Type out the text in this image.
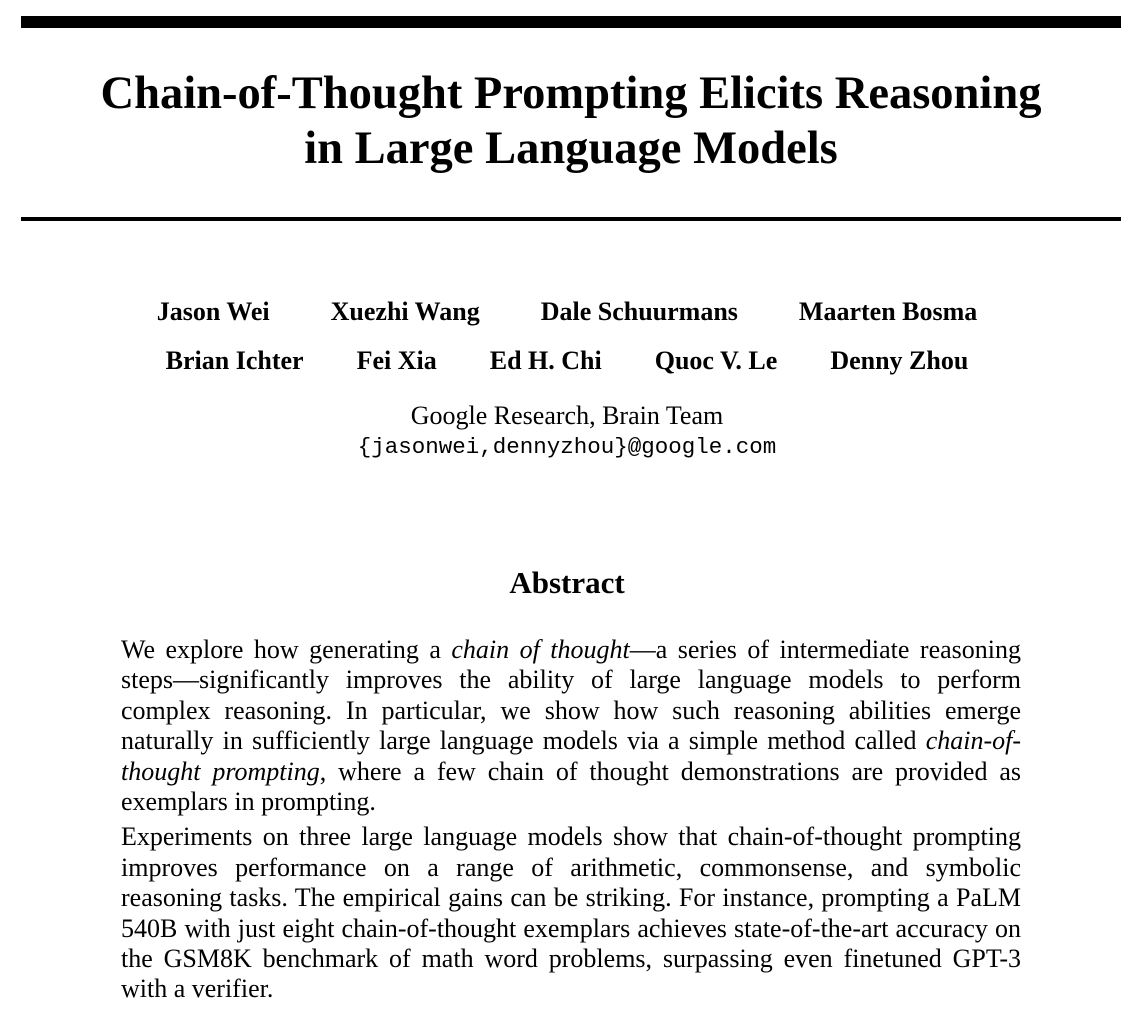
Chain-of-Thought Prompting Elicits Reasoning
in Large Language Models
Jason Wei Xuezhi Wang Dale Schuurmans Maarten Bosma
Brian Ichter Fei Xia Ed H. Chi Quoc V. Le Denny Zhou
Google Research, Brain Team
{jasonwei,dennyzhou}@google.com
Abstract

We explore how generating a chain of thought—a series of intermediate reasoning steps—significantly improves the ability of large language models to perform complex reasoning. In particular, we show how such reasoning abilities emerge naturally in sufficiently large language models via a simple method called chain-of-thought prompting, where a few chain of thought demonstrations are provided as exemplars in prompting.

Experiments on three large language models show that chain-of-thought prompting improves performance on a range of arithmetic, commonsense, and symbolic reasoning tasks. The empirical gains can be striking. For instance, prompting a PaLM 540B with just eight chain-of-thought exemplars achieves state-of-the-art accuracy on the GSM8K benchmark of math word problems, surpassing even finetuned GPT-3 with a verifier.
